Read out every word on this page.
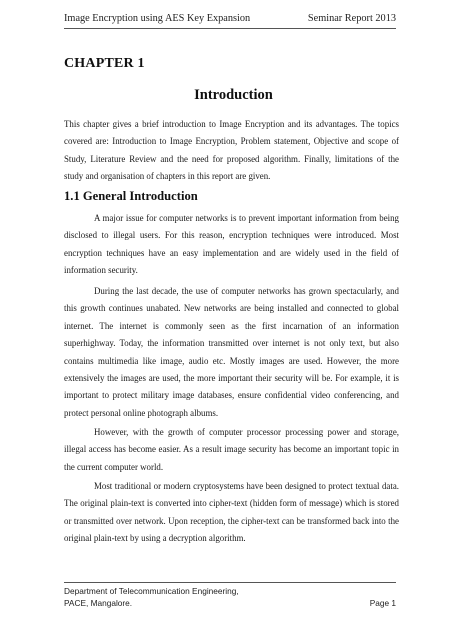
Image Encryption using AES Key Expansion	Seminar Report 2013
CHAPTER 1
Introduction

This chapter gives a brief introduction to Image Encryption and its advantages. The topics covered are: Introduction to Image Encryption, Problem statement, Objective and scope of Study, Literature Review and the need for proposed algorithm. Finally, limitations of the study and organisation of chapters in this report are given.

1.1 General Introduction

A major issue for computer networks is to prevent important information from being disclosed to illegal users. For this reason, encryption techniques were introduced. Most encryption techniques have an easy implementation and are widely used in the field of information security.

During the last decade, the use of computer networks has grown spectacularly, and this growth continues unabated. New networks are being installed and connected to global internet. The internet is commonly seen as the first incarnation of an information superhighway. Today, the information transmitted over internet is not only text, but also contains multimedia like image, audio etc. Mostly images are used. However, the more extensively the images are used, the more important their security will be. For example, it is important to protect military image databases, ensure confidential video conferencing, and protect personal online photograph albums.

However, with the growth of computer processor processing power and storage, illegal access has become easier. As a result image security has become an important topic in the current computer world.

Most traditional or modern cryptosystems have been designed to protect textual data. The original plain-text is converted into cipher-text (hidden form of message) which is stored or transmitted over network. Upon reception, the cipher-text can be transformed back into the original plain-text by using a decryption algorithm.

Department of Telecommunication Engineering,
PACE, Mangalore.	Page 1
